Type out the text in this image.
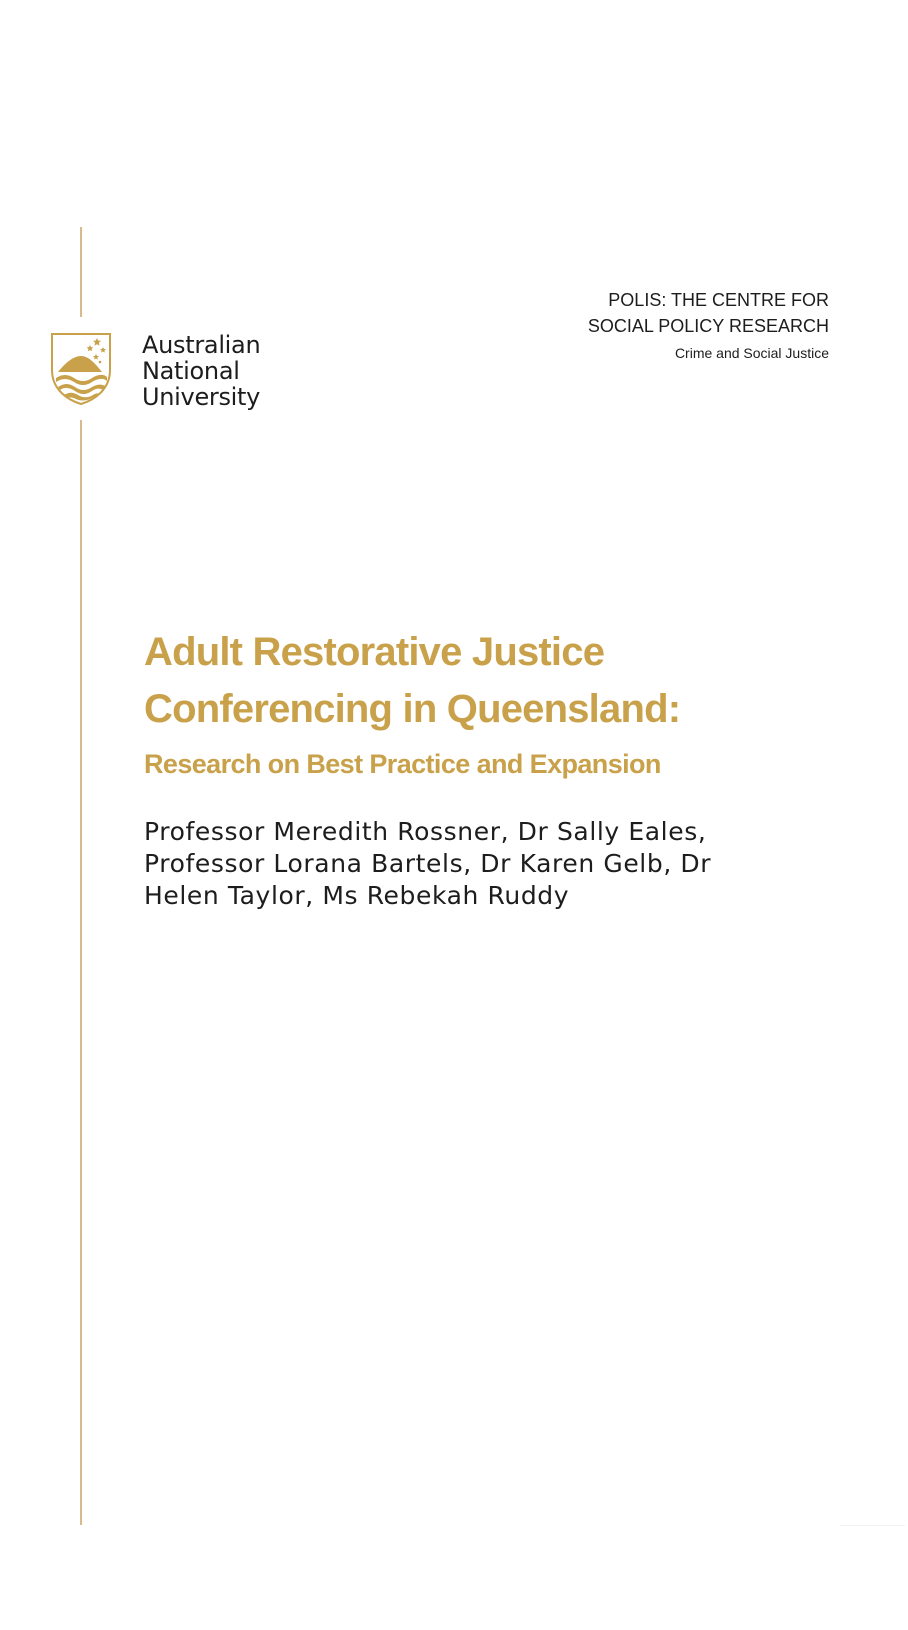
Australian
National
University
POLIS: THE CENTRE FOR
SOCIAL POLICY RESEARCH
Crime and Social Justice
Adult Restorative Justice
Conferencing in Queensland:
Research on Best Practice and Expansion
Professor Meredith Rossner, Dr Sally Eales,
Professor Lorana Bartels, Dr Karen Gelb, Dr
Helen Taylor, Ms Rebekah Ruddy
